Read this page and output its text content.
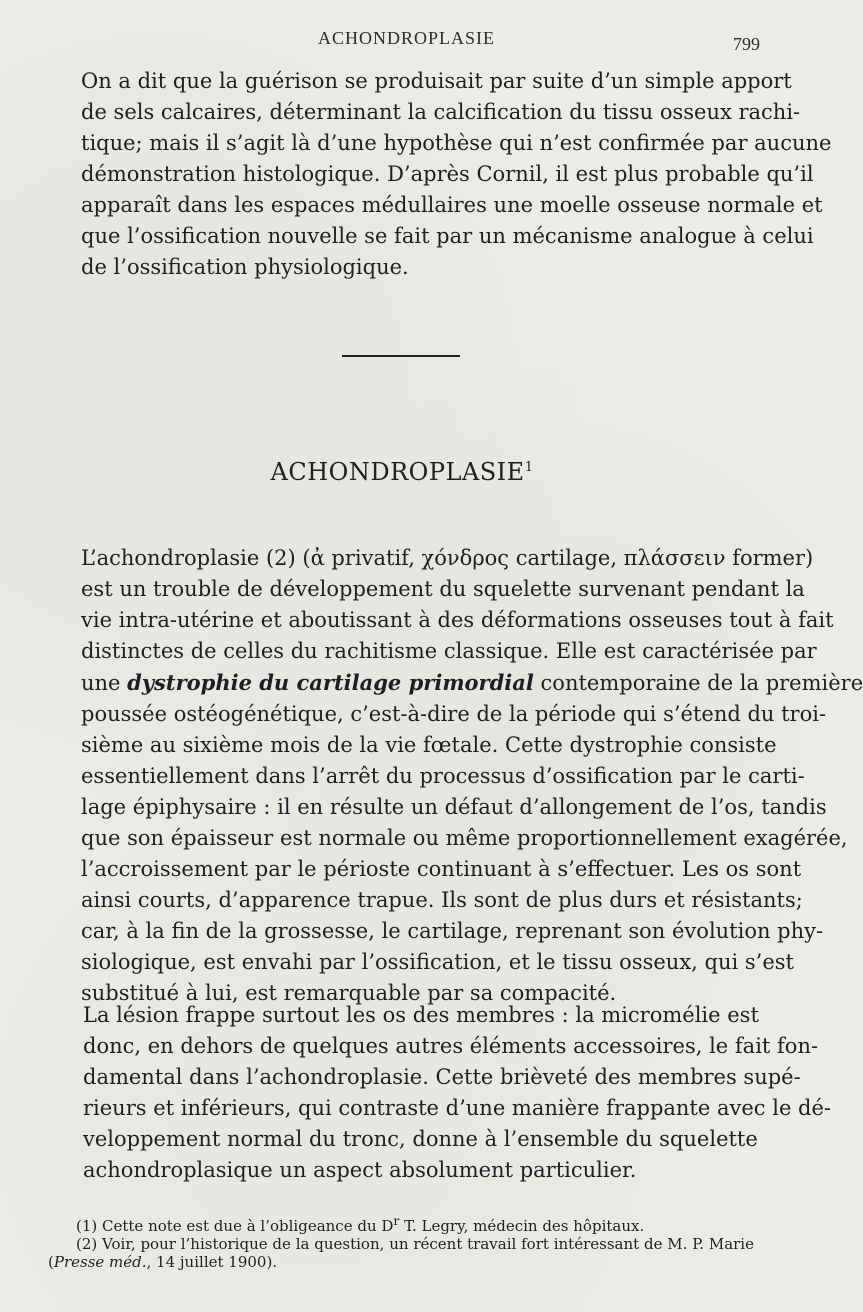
ACHONDROPLASIE	799

On a dit que la guérison se produisait par suite d’un simple apport
de sels calcaires, déterminant la calcification du tissu osseux rachi-
tique; mais il s’agit là d’une hypothèse qui n’est confirmée par aucune
démonstration histologique. D’après Cornil, il est plus probable qu’il
apparaît dans les espaces médullaires une moelle osseuse normale et
que l’ossification nouvelle se fait par un mécanisme analogue à celui
de l’ossification physiologique.

ACHONDROPLASIE$^1$

L’achondroplasie (2) (ἀ privatif, χόνδρος cartilage, πλάσσειν former)
est un trouble de développement du squelette survenant pendant la
vie intra-utérine et aboutissant à des déformations osseuses tout à fait
distinctes de celles du rachitisme classique. Elle est caractérisée par
une dystrophie du cartilage primordial contemporaine de la première
poussée ostéogénétique, c’est-à-dire de la période qui s’étend du troi-
sième au sixième mois de la vie fœtale. Cette dystrophie consiste
essentiellement dans l’arrêt du processus d’ossification par le carti-
lage épiphysaire : il en résulte un défaut d’allongement de l’os, tandis
que son épaisseur est normale ou même proportionnellement exagérée,
l’accroissement par le périoste continuant à s’effectuer. Les os sont
ainsi courts, d’apparence trapue. Ils sont de plus durs et résistants;
car, à la fin de la grossesse, le cartilage, reprenant son évolution phy-
siologique, est envahi par l’ossification, et le tissu osseux, qui s’est
substitué à lui, est remarquable par sa compacité.

La lésion frappe surtout les os des membres : la micromélie est
donc, en dehors de quelques autres éléments accessoires, le fait fon-
damental dans l’achondroplasie. Cette brièveté des membres supé-
rieurs et inférieurs, qui contraste d’une manière frappante avec le dé-
veloppement normal du tronc, donne à l’ensemble du squelette
achondroplasique un aspect absolument particulier.

(1) Cette note est due à l’obligeance du $D^r$ T. Legry, médecin des hôpitaux.

(2) Voir, pour l’historique de la question, un récent travail fort intéressant de M. P. Marie (Presse méd., 14 juillet 1900).
